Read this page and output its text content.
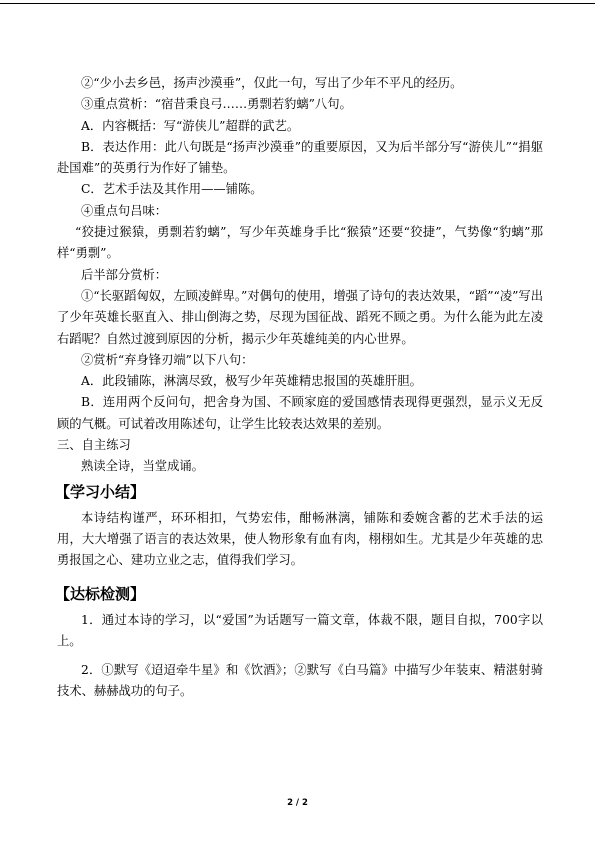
②“少小去乡邑，扬声沙漠垂”，仅此一句，写出了少年不平凡的经历。

③重点赏析：“宿昔秉良弓……勇剽若豹螭”八句。

A．内容概括：写“游侠儿”超群的武艺。

B．表达作用：此八句既是“扬声沙漠垂”的重要原因，又为后半部分写“游侠儿”“捐躯赴国难”的英勇行为作好了铺垫。

C．艺术手法及其作用——铺陈。

④重点句吕味：

“狡捷过猴猿，勇剽若豹螭”，写少年英雄身手比“猴猿”还要“狡捷”，气势像“豹螭”那样“勇剽”。

后半部分赏析：

①“长驱蹈匈奴，左顾凌鲜卑。”对偶句的使用，增强了诗句的表达效果，“蹈”“凌”写出了少年英雄长驱直入、排山倒海之势，尽现为国征战、蹈死不顾之勇。为什么能为此左凌右蹈呢？自然过渡到原因的分析，揭示少年英雄纯美的内心世界。

②赏析“弃身锋刃端”以下八句：

A．此段铺陈，淋漓尽致，极写少年英雄精忠报国的英雄肝胆。

B．连用两个反问句，把舍身为国、不顾家庭的爱国感情表现得更强烈，显示义无反顾的气概。可试着改用陈述句，让学生比较表达效果的差别。

三、自主练习

熟读全诗，当堂成诵。

【学习小结】

本诗结构谨严，环环相扣，气势宏伟，酣畅淋漓，铺陈和委婉含蓄的艺术手法的运用，大大增强了语言的表达效果，使人物形象有血有肉，栩栩如生。尤其是少年英雄的忠勇报国之心、建功立业之志，值得我们学习。

【达标检测】

1．通过本诗的学习，以“爱国”为话题写一篇文章，体裁不限，题目自拟，700字以上。

2．①默写《迢迢牵牛星》和《饮酒》；②默写《白马篇》中描写少年装束、精湛射骑技术、赫赫战功的句子。

2 / 2
